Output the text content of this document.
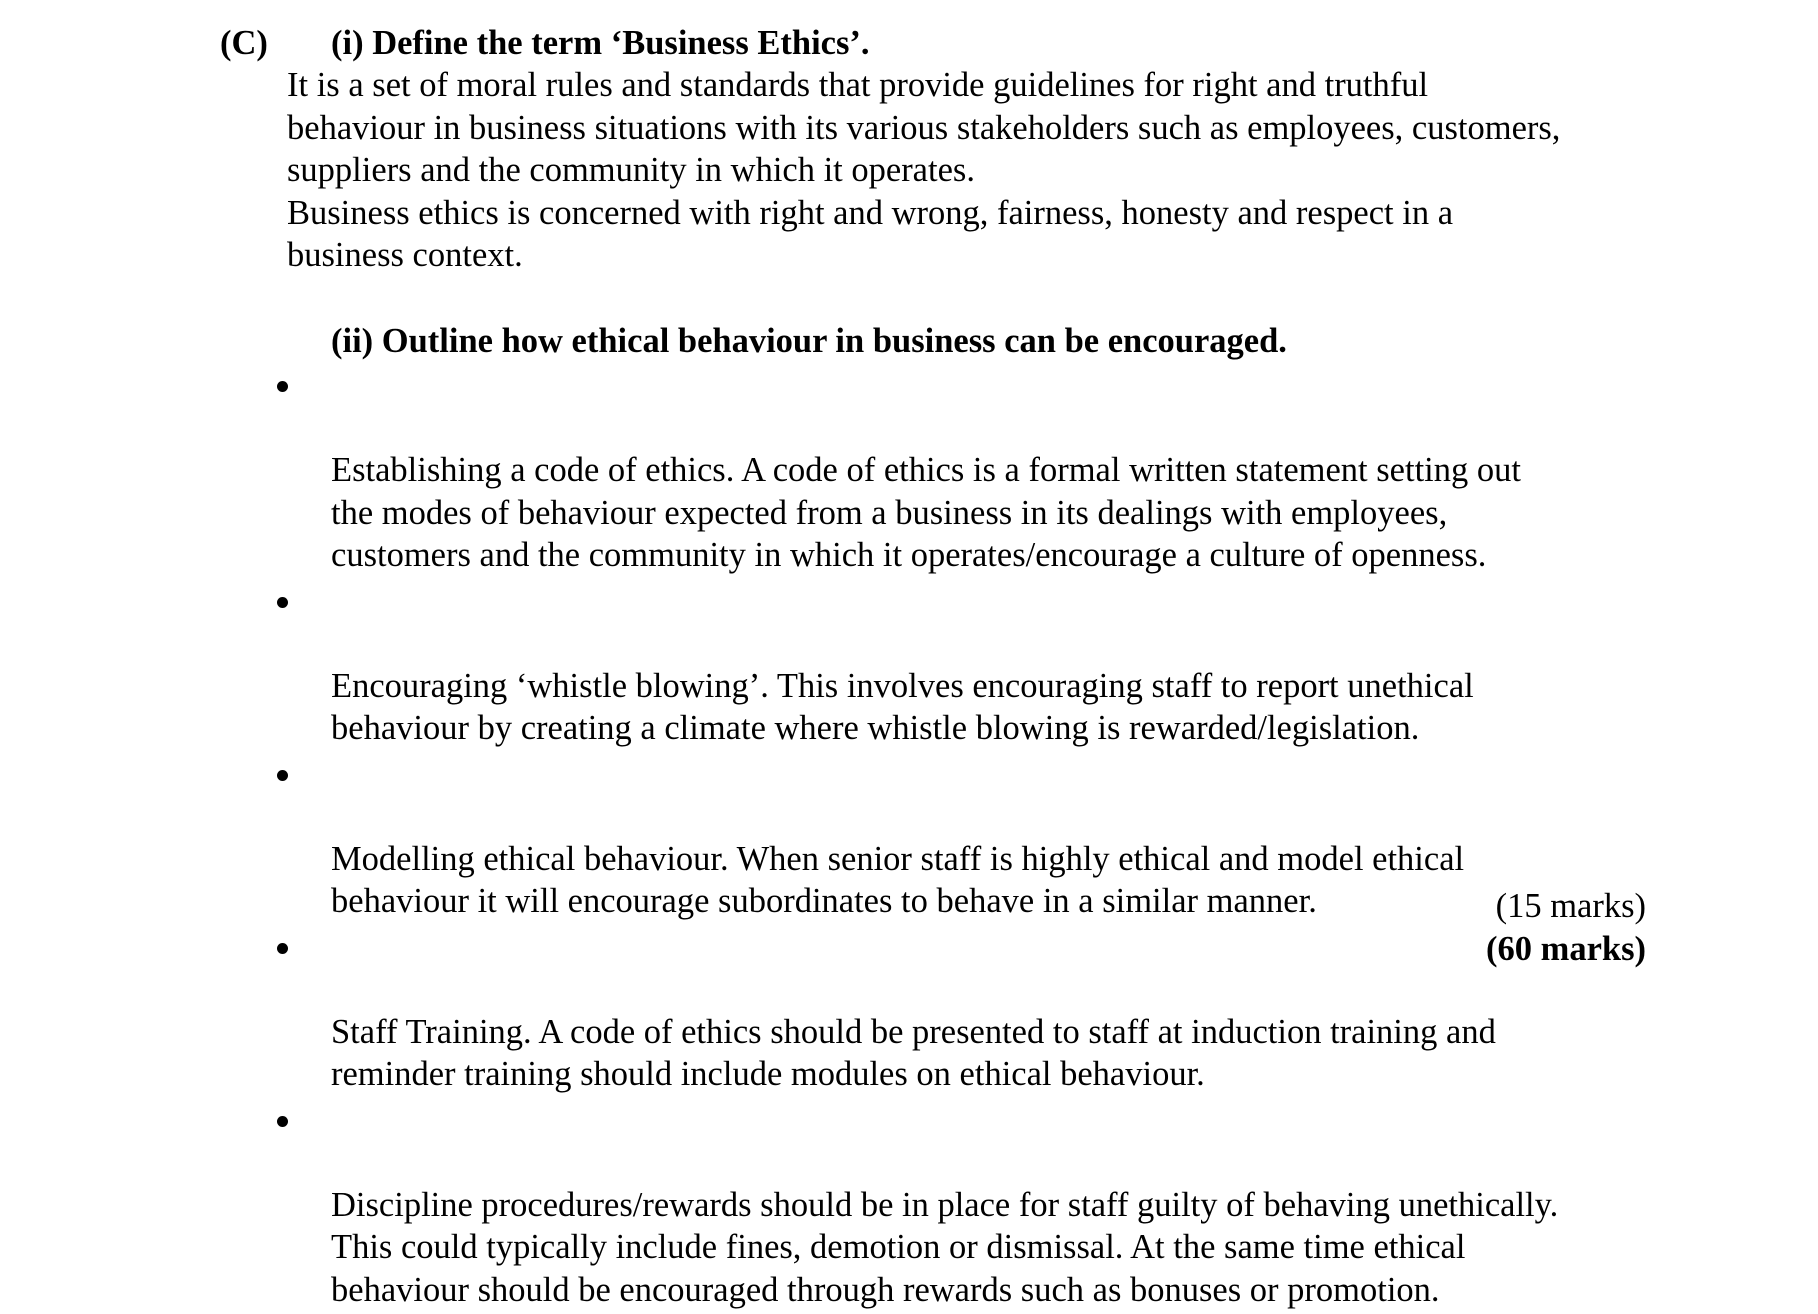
(C) (i) Define the term ‘Business Ethics’.

It is a set of moral rules and standards that provide guidelines for right and truthful
behaviour in business situations with its various stakeholders such as employees, customers,
suppliers and the community in which it operates.

Business ethics is concerned with right and wrong, fairness, honesty and respect in a
business context.

(ii) Outline how ethical behaviour in business can be encouraged.

Establishing a code of ethics. A code of ethics is a formal written statement setting out
the modes of behaviour expected from a business in its dealings with employees,
customers and the community in which it operates/encourage a culture of openness.

Encouraging ‘whistle blowing’. This involves encouraging staff to report unethical
behaviour by creating a climate where whistle blowing is rewarded/legislation.

Modelling ethical behaviour. When senior staff is highly ethical and model ethical
behaviour it will encourage subordinates to behave in a similar manner.

Staff Training. A code of ethics should be presented to staff at induction training and
reminder training should include modules on ethical behaviour.

Discipline procedures/rewards should be in place for staff guilty of behaving unethically.
This could typically include fines, demotion or dismissal. At the same time ethical
behaviour should be encouraged through rewards such as bonuses or promotion.

(15 marks)
(60 marks)
